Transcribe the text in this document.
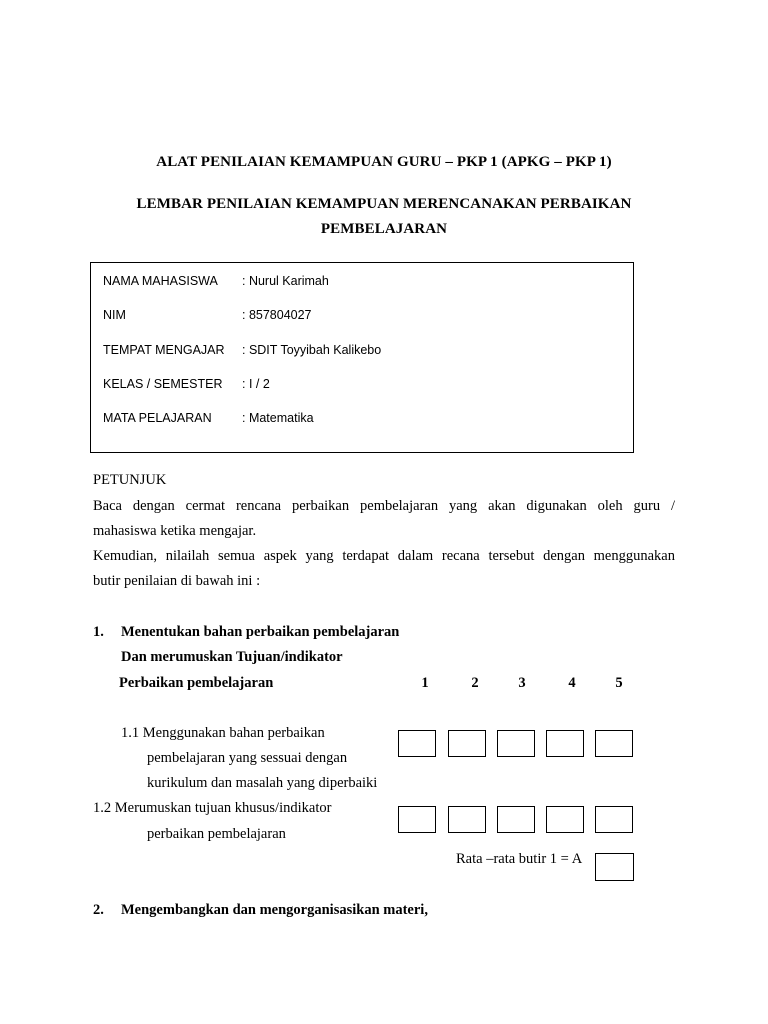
ALAT PENILAIAN KEMAMPUAN GURU – PKP 1 (APKG – PKP 1)
LEMBAR PENILAIAN KEMAMPUAN MERENCANAKAN PERBAIKAN
PEMBELAJARAN
NAMA MAHASISWA : Nurul Karimah
NIM	: 857804027
TEMPAT MENGAJAR : SDIT Toyyibah Kalikebo
KELAS / SEMESTER : I / 2
MATA PELAJARAN : Matematika
PETUNJUK
Baca dengan cermat rencana perbaikan pembelajaran yang akan digunakan oleh guru /
mahasiswa ketika mengajar.
Kemudian, nilailah semua aspek yang terdapat dalam recana tersebut dengan menggunakan
butir penilaian di bawah ini :
1. Menentukan bahan perbaikan pembelajaran
Dan merumuskan Tujuan/indikator
Perbaikan pembelajaran	1	2	3	4	5
1.1 Menggunakan bahan perbaikan
pembelajaran yang sessuai dengan
kurikulum dan masalah yang diperbaiki
1.2 Merumuskan tujuan khusus/indikator
perbaikan pembelajaran
Rata –rata butir 1 = A
2. Mengembangkan dan mengorganisasikan materi,
